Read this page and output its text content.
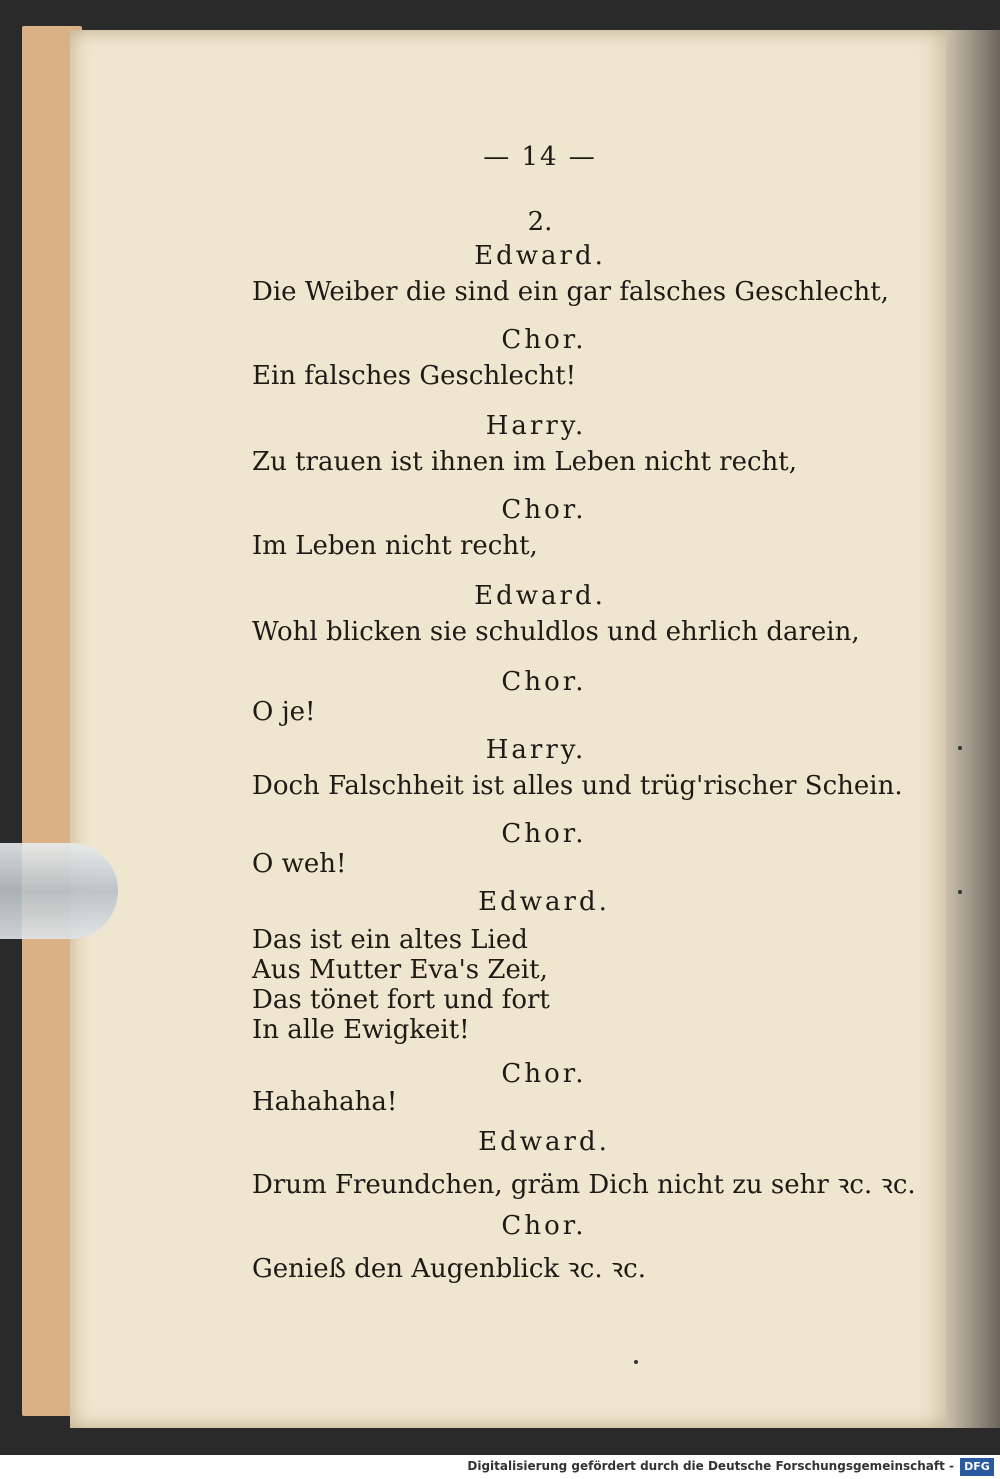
— 14 —
2.
Edward.
Die Weiber die sind ein gar falsches Geschlecht,
Chor.
Ein falsches Geschlecht!
Harry.
Zu trauen ist ihnen im Leben nicht recht,
Chor.
Im Leben nicht recht,
Edward.
Wohl blicken sie schuldlos und ehrlich darein,
Chor.
O je!
Harry.
Doch Falschheit ist alles und trüg'rischer Schein.
Chor.
O weh!
Edward.
Das ist ein altes Lied
Aus Mutter Eva's Zeit,
Das tönet fort und fort
In alle Ewigkeit!
Chor.
Hahahaha!
Edward.
Drum Freundchen, gräm Dich nicht zu sehr ꝛc. ꝛc.
Chor.
Genieß den Augenblick ꝛc. ꝛc.
Digitalisierung gefördert durch die Deutsche Forschungsgemeinschaft - DFG
